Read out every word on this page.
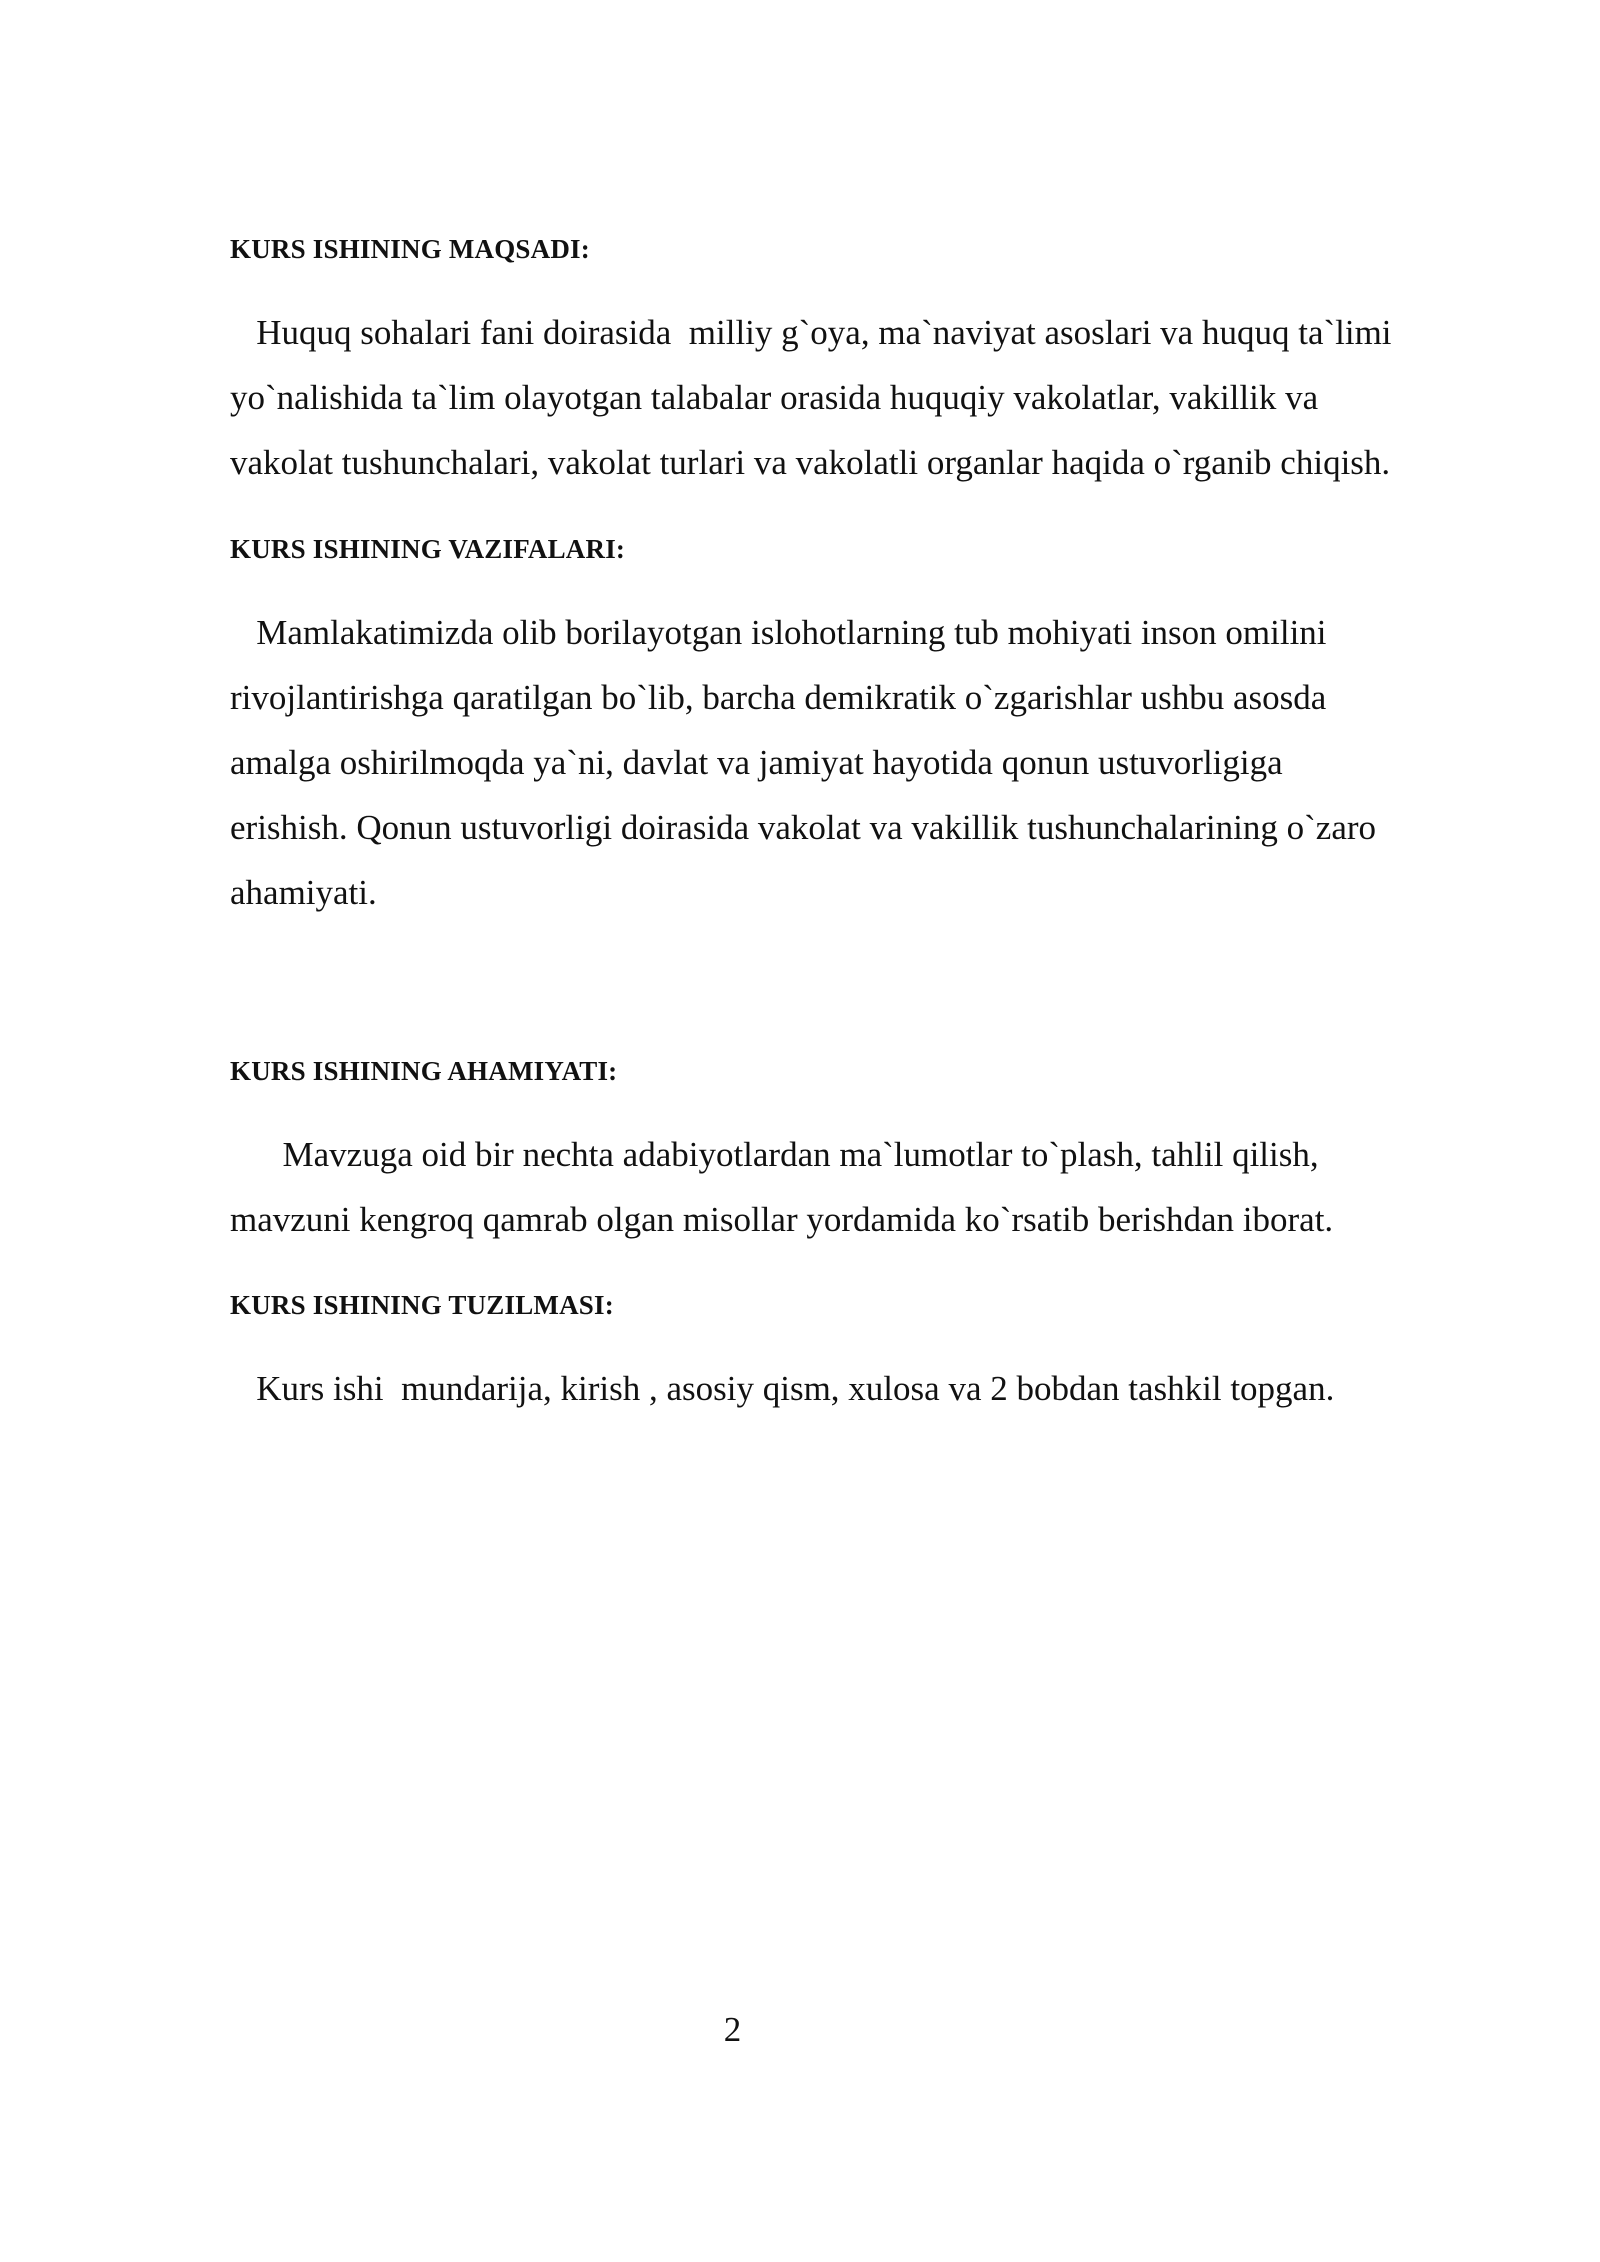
KURS ISHINING MAQSADI:

Huquq sohalari fani doirasida  milliy g`oya, ma`naviyat asoslari va huquq ta`limi
yo`nalishida ta`lim olayotgan talabalar orasida huquqiy vakolatlar, vakillik va
vakolat tushunchalari, vakolat turlari va vakolatli organlar haqida o`rganib chiqish.

KURS ISHINING VAZIFALARI:

Mamlakatimizda olib borilayotgan islohotlarning tub mohiyati inson omilini
rivojlantirishga qaratilgan bo`lib, barcha demikratik o`zgarishlar ushbu asosda
amalga oshirilmoqda ya`ni, davlat va jamiyat hayotida qonun ustuvorligiga
erishish. Qonun ustuvorligi doirasida vakolat va vakillik tushunchalarining o`zaro
ahamiyati.

KURS ISHINING AHAMIYATI:

Mavzuga oid bir nechta adabiyotlardan ma`lumotlar to`plash, tahlil qilish,
mavzuni kengroq qamrab olgan misollar yordamida ko`rsatib berishdan iborat.

KURS ISHINING TUZILMASI:

Kurs ishi  mundarija, kirish , asosiy qism, xulosa va 2 bobdan tashkil topgan.

2
